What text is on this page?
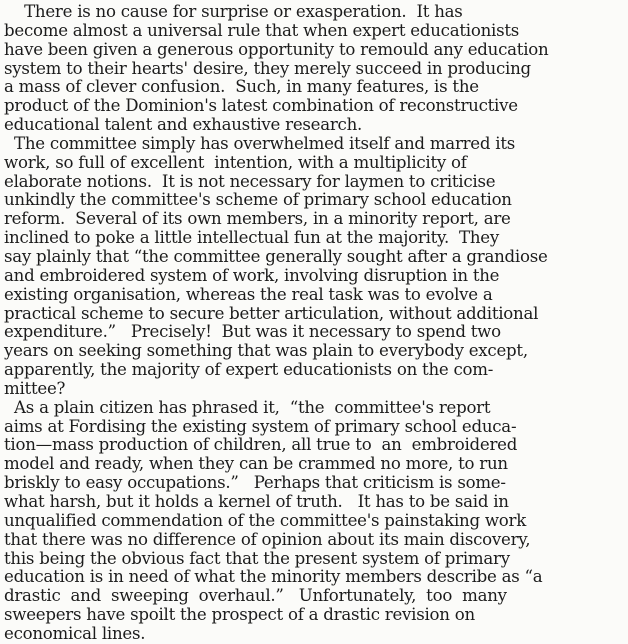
There is no cause for surprise or exasperation.  It has
become almost a universal rule that when expert educationists
have been given a generous opportunity to remould any education
system to their hearts' desire, they merely succeed in producing
a mass of clever confusion.  Such, in many features, is the
product of the Dominion's latest combination of reconstructive
educational talent and exhaustive research.
The committee simply has overwhelmed itself and marred its
work, so full of excellent  intention, with a multiplicity of
elaborate notions.  It is not necessary for laymen to criticise
unkindly the committee's scheme of primary school education
reform.  Several of its own members, in a minority report, are
inclined to poke a little intellectual fun at the majority.  They
say plainly that “the committee generally sought after a grandiose
and embroidered system of work, involving disruption in the
existing organisation, whereas the real task was to evolve a
practical scheme to secure better articulation, without additional
expenditure.”   Precisely!  But was it necessary to spend two
years on seeking something that was plain to everybody except,
apparently, the majority of expert educationists on the com-
mittee?
As a plain citizen has phrased it,  “the  committee's report
aims at Fordising the existing system of primary school educa-
tion—mass production of children, all true to  an  embroidered
model and ready, when they can be crammed no more, to run
briskly to easy occupations.”   Perhaps that criticism is some-
what harsh, but it holds a kernel of truth.   It has to be said in
unqualified commendation of the committee's painstaking work
that there was no difference of opinion about its main discovery,
this being the obvious fact that the present system of primary
education is in need of what the minority members describe as “a
drastic  and  sweeping  overhaul.”   Unfortunately,  too  many
sweepers have spoilt the prospect of a drastic revision on
economical lines.
